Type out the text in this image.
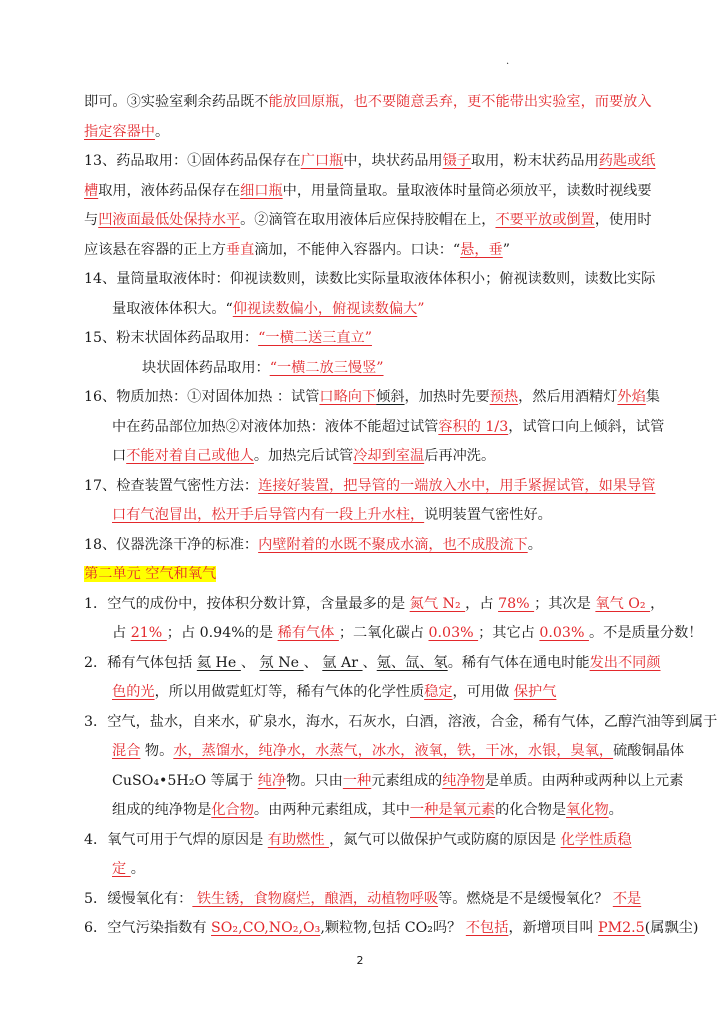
.
即可。③实验室剩余药品既不能放回原瓶，也不要随意丢弃，更不能带出实验室，而要放入
指定容器中。
13、药品取用：①固体药品保存在广口瓶中，块状药品用镊子取用，粉末状药品用药匙或纸
槽取用，液体药品保存在细口瓶中，用量筒量取。量取液体时量筒必须放平，读数时视线要
与凹液面最低处保持水平。②滴管在取用液体后应保持胶帽在上，不要平放或倒置，使用时
应该悬在容器的正上方垂直滴加，不能伸入容器内。口诀：“悬，垂”
14、量筒量取液体时：仰视读数则，读数比实际量取液体体积小；俯视读数则，读数比实际
量取液体体积大。“仰视读数偏小，俯视读数偏大”
15、粉末状固体药品取用：“一横二送三直立”
块状固体药品取用：“一横二放三慢竖”
16、物质加热：①对固体加热 ：试管口略向下倾斜，加热时先要预热，然后用酒精灯外焰集
中在药品部位加热②对液体加热：液体不能超过试管容积的 1/3，试管口向上倾斜，试管
口不能对着自己或他人。加热完后试管冷却到室温后再冲洗。
17、检查装置气密性方法：连接好装置，把导管的一端放入水中，用手紧握试管，如果导管
口有气泡冒出，松开手后导管内有一段上升水柱，说明装置气密性好。
18、仪器洗涤干净的标准：内壁附着的水既不聚成水滴，也不成股流下。
第二单元 空气和氧气
1．空气的成份中，按体积分数计算，含量最多的是 氮气 N₂ ，占 78% ；其次是 氧气 O₂ ，
占 21% ；占 0.94%的是 稀有气体 ；二氧化碳占 0.03% ；其它占 0.03% 。不是质量分数！
2．稀有气体包括 氦 He 、 氖 Ne 、 氩 Ar 、氪、氙、氡。稀有气体在通电时能发出不同颜
色的光，所以用做霓虹灯等，稀有气体的化学性质稳定，可用做 保护气
3．空气，盐水，自来水，矿泉水，海水，石灰水，白酒，溶液，合金，稀有气体，乙醇汽油等到属于
混合 物。水，蒸馏水，纯净水，水蒸气，冰水，液氧，铁，干冰，水银，臭氧，硫酸铜晶体
CuSO₄•5H₂O 等属于 纯净物。只由一种元素组成的纯净物是单质。由两种或两种以上元素
组成的纯净物是化合物。由两种元素组成，其中一种是氧元素的化合物是氧化物。
4．氧气可用于气焊的原因是 有助燃性 ，氮气可以做保护气或防腐的原因是 化学性质稳
定 。
5．缓慢氧化有： 铁生锈，食物腐烂，酿酒，动植物呼吸等。燃烧是不是缓慢氧化？ 不是
6．空气污染指数有 SO₂,CO,NO₂,O₃,颗粒物,包括 CO₂吗？ 不包括，新增项目叫 PM2.5(属飘尘)
2
